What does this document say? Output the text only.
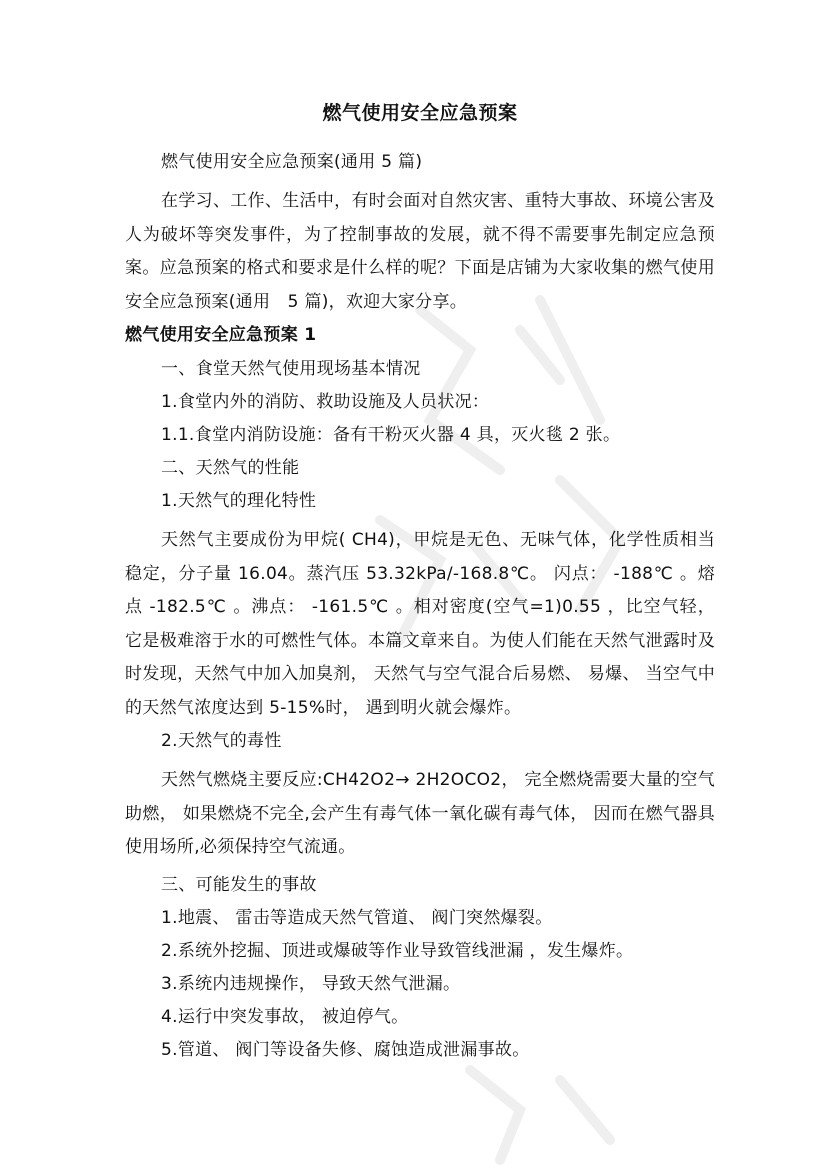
燃气使用安全应急预案

燃气使用安全应急预案(通用 5 篇)

在学习、工作、生活中，有时会面对自然灾害、重特大事故、环境公害及人为破坏等突发事件，为了控制事故的发展，就不得不需要事先制定应急预案。应急预案的格式和要求是什么样的呢？下面是店铺为大家收集的燃气使用安全应急预案(通用　5 篇)，欢迎大家分享。

燃气使用安全应急预案 1

一、食堂天然气使用现场基本情况

1.食堂内外的消防、救助设施及人员状况：

1.1.食堂内消防设施：备有干粉灭火器 4 具，灭火毯 2 张。

二、天然气的性能

1.天然气的理化特性

天然气主要成份为甲烷( CH4)，甲烷是无色、无味气体，化学性质相当稳定，分子量 16.04。蒸汽压 53.32kPa/-168.8℃。 闪点： -188℃ 。熔点 -182.5℃ 。沸点： -161.5℃ 。相对密度(空气=1)0.55 ，比空气轻， 它是极难溶于水的可燃性气体。本篇文章来自。为使人们能在天然气泄露时及时发现，天然气中加入加臭剂， 天然气与空气混合后易燃、 易爆、 当空气中的天然气浓度达到 5-15%时， 遇到明火就会爆炸。

2.天然气的毒性

天然气燃烧主要反应:CH42O2→ 2H2OCO2， 完全燃烧需要大量的空气助燃， 如果燃烧不完全,会产生有毒气体一氧化碳有毒气体， 因而在燃气器具使用场所,必须保持空气流通。

三、可能发生的事故

1.地震、 雷击等造成天然气管道、 阀门突然爆裂。

2.系统外挖掘、顶进或爆破等作业导致管线泄漏 ，发生爆炸。

3.系统内违规操作， 导致天然气泄漏。

4.运行中突发事故， 被迫停气。

5.管道、 阀门等设备失修、腐蚀造成泄漏事故。
